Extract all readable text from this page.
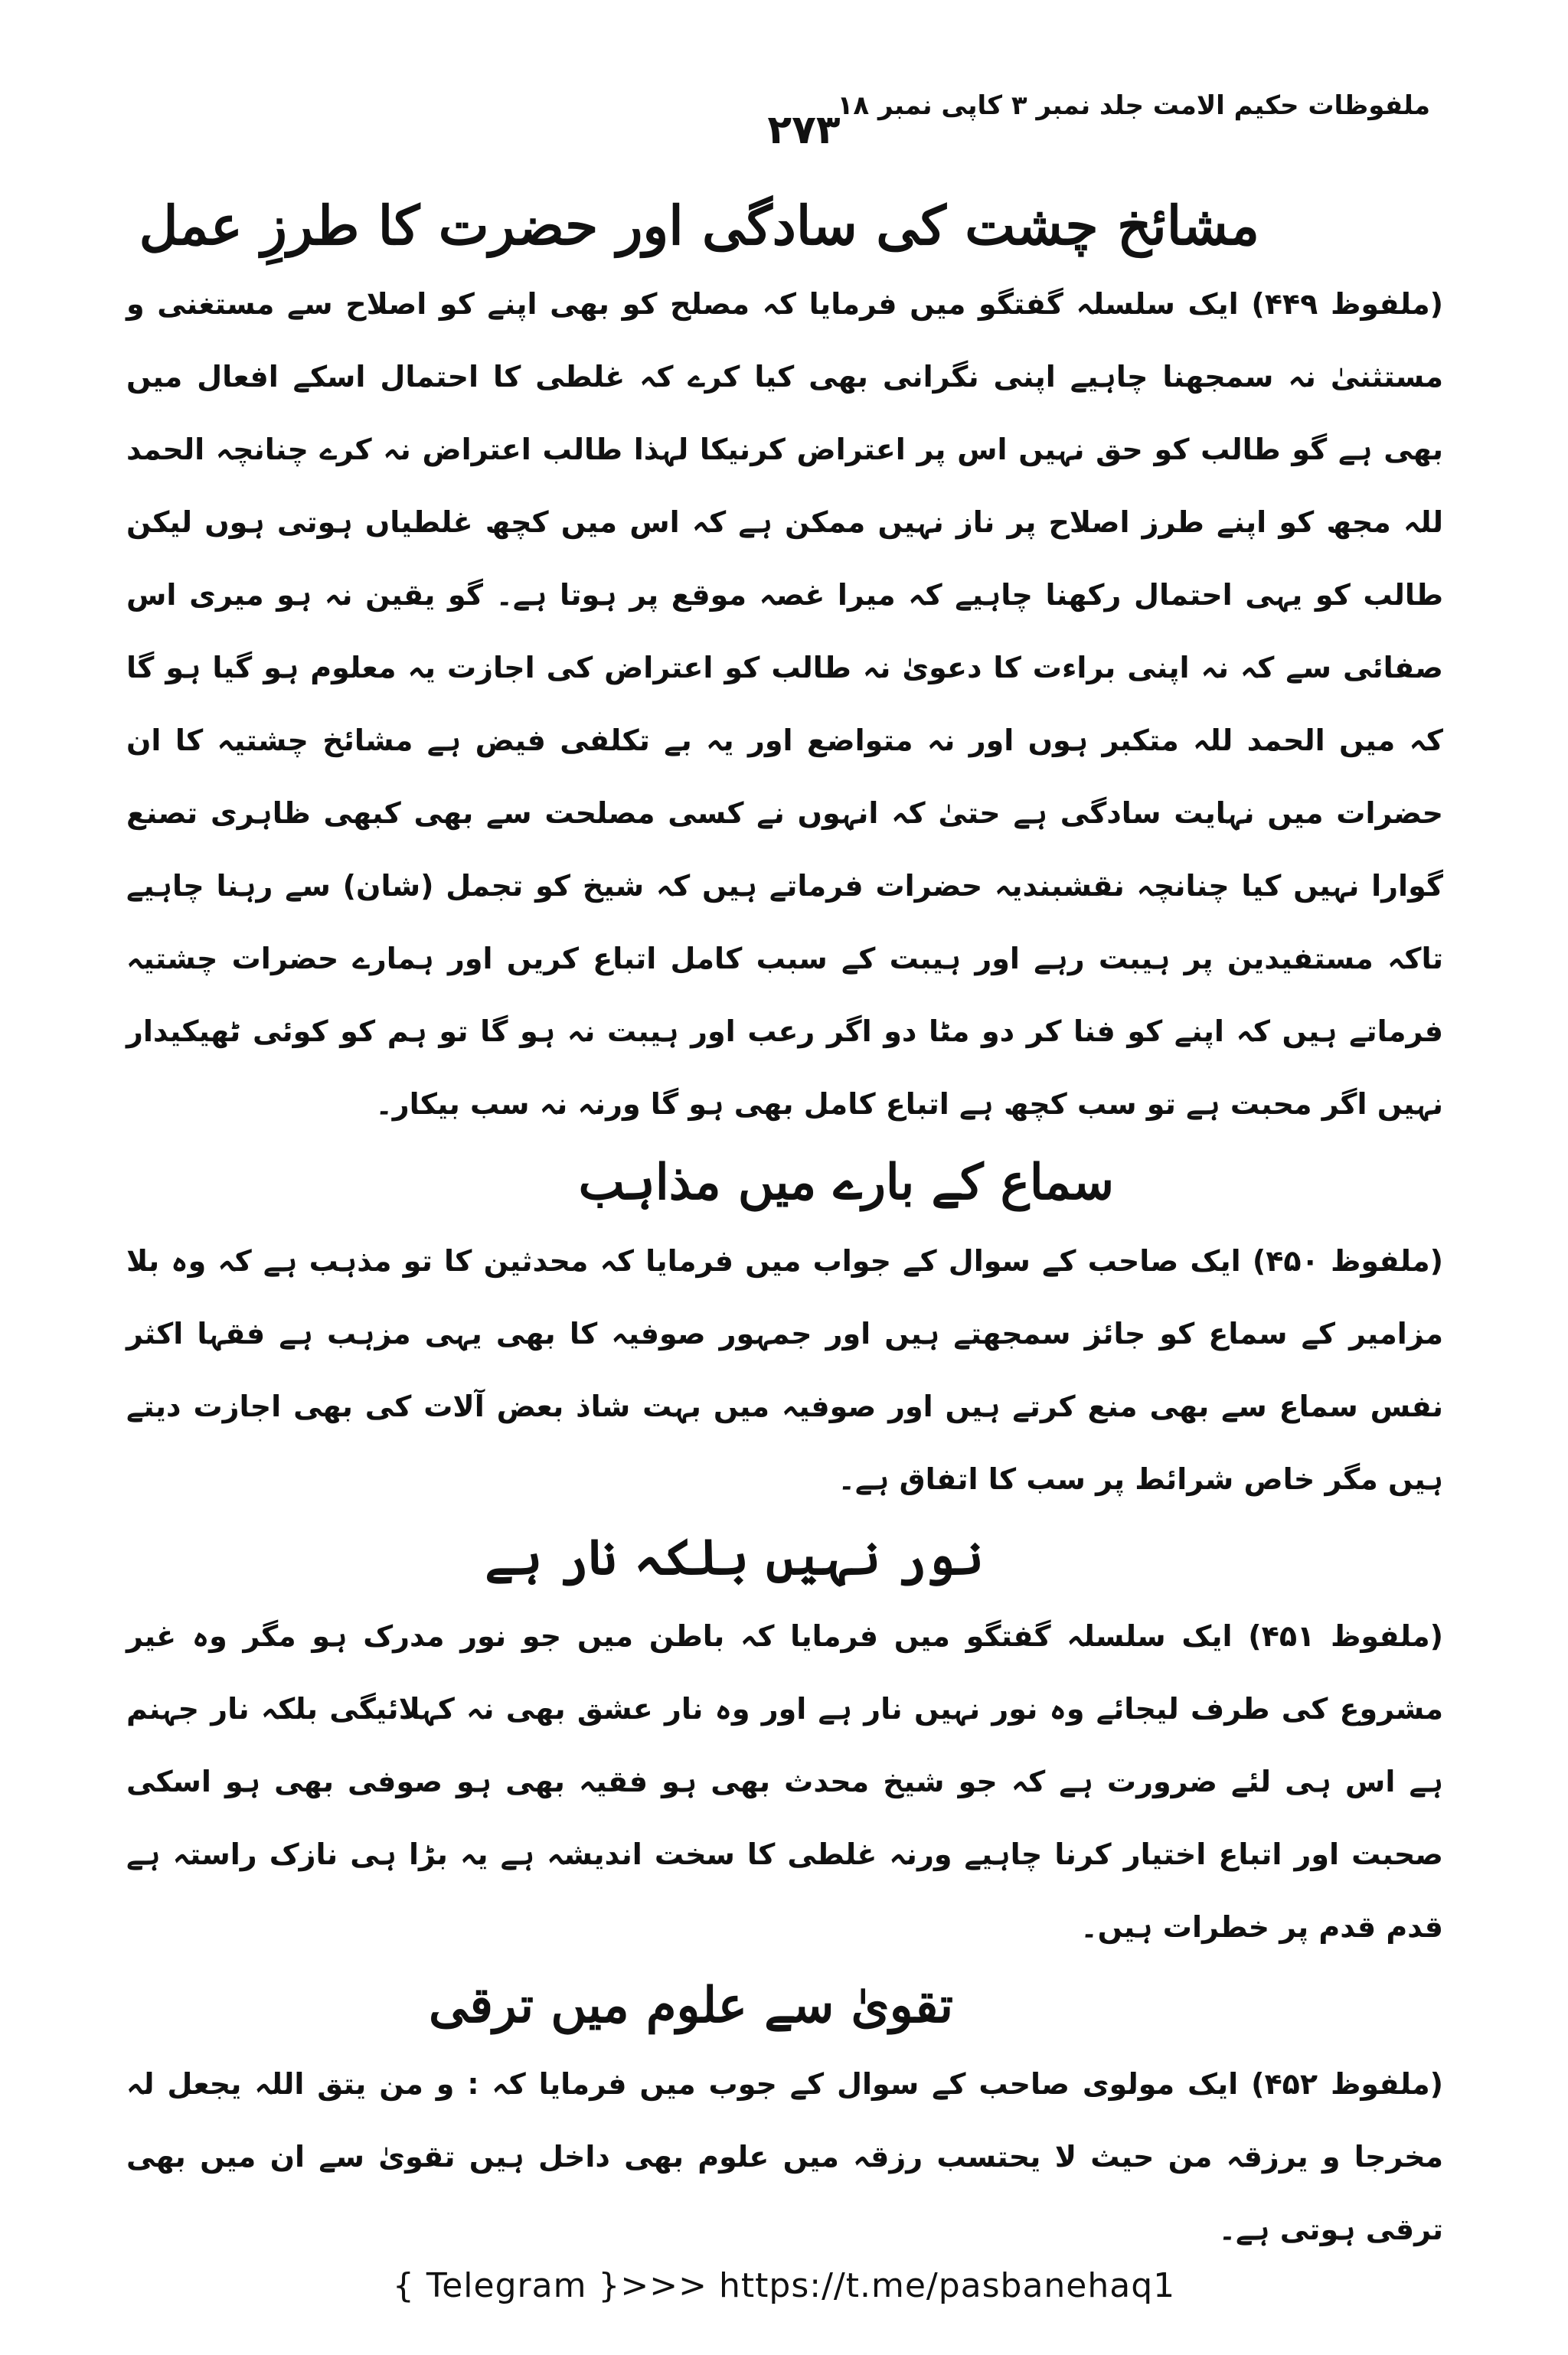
ملفوظات حکیم الامت جلد نمبر ۳ کاپی نمبر ۱۸
۲۷۳
مشائخ چشت کی سادگی اور حضرت کا طرزِ عمل

(ملفوظ ۴۴۹) ایک سلسلہ گفتگو میں فرمایا کہ مصلح کو بھی اپنے کو اصلاح سے مستغنی و مستثنیٰ نہ سمجھنا چاہیے اپنی نگرانی بھی کیا کرے کہ غلطی کا احتمال اسکے افعال میں بھی ہے گو طالب کو حق نہیں اس پر اعتراض کرنیکا لہذا طالب اعتراض نہ کرے چنانچہ الحمد للہ مجھ کو اپنے طرز اصلاح پر ناز نہیں ممکن ہے کہ اس میں کچھ غلطیاں ہوتی ہوں لیکن طالب کو یہی احتمال رکھنا چاہیے کہ میرا غصہ موقع پر ہوتا ہے۔ گو یقین نہ ہو میری اس صفائی سے کہ نہ اپنی براءت کا دعویٰ نہ طالب کو اعتراض کی اجازت یہ معلوم ہو گیا ہو گا کہ میں الحمد للہ متکبر ہوں اور نہ متواضع اور یہ بے تکلفی فیض ہے مشائخ چشتیہ کا ان حضرات میں نہایت سادگی ہے حتیٰ کہ انہوں نے کسی مصلحت سے بھی کبھی ظاہری تصنع گوارا نہیں کیا چنانچہ نقشبندیہ حضرات فرماتے ہیں کہ شیخ کو تجمل (شان) سے رہنا چاہیے تاکہ مستفیدین پر ہیبت رہے اور ہیبت کے سبب کامل اتباع کریں اور ہمارے حضرات چشتیہ فرماتے ہیں کہ اپنے کو فنا کر دو مٹا دو اگر رعب اور ہیبت نہ ہو گا تو ہم کو کوئی ٹھیکیدار نہیں اگر محبت ہے تو سب کچھ ہے اتباع کامل بھی ہو گا ورنہ نہ سب بیکار۔

سماع کے بارے میں مذاہب

(ملفوظ ۴۵۰) ایک صاحب کے سوال کے جواب میں فرمایا کہ محدثین کا تو مذہب ہے کہ وہ بلا مزامیر کے سماع کو جائز سمجھتے ہیں اور جمہور صوفیہ کا بھی یہی مزہب ہے فقہا اکثر نفس سماع سے بھی منع کرتے ہیں اور صوفیہ میں بہت شاذ بعض آلات کی بھی اجازت دیتے ہیں مگر خاص شرائط پر سب کا اتفاق ہے۔

نور نہیں بلکہ نار ہے

(ملفوظ ۴۵۱) ایک سلسلہ گفتگو میں فرمایا کہ باطن میں جو نور مدرک ہو مگر وہ غیر مشروع کی طرف لیجائے وہ نور نہیں نار ہے اور وہ نار عشق بھی نہ کہلائیگی بلکہ نار جہنم ہے اس ہی لئے ضرورت ہے کہ جو شیخ محدث بھی ہو فقیہ بھی ہو صوفی بھی ہو اسکی صحبت اور اتباع اختیار کرنا چاہیے ورنہ غلطی کا سخت اندیشہ ہے یہ بڑا ہی نازک راستہ ہے قدم قدم پر خطرات ہیں۔

تقویٰ سے علوم میں ترقی

(ملفوظ ۴۵۲) ایک مولوی صاحب کے سوال کے جوب میں فرمایا کہ : و من یتق اللہ یجعل لہ مخرجا و یرزقہ من حیث لا یحتسب رزقہ میں علوم بھی داخل ہیں تقویٰ سے ان میں بھی ترقی ہوتی ہے۔

{ Telegram }>>> https://t.me/pasbanehaq1
